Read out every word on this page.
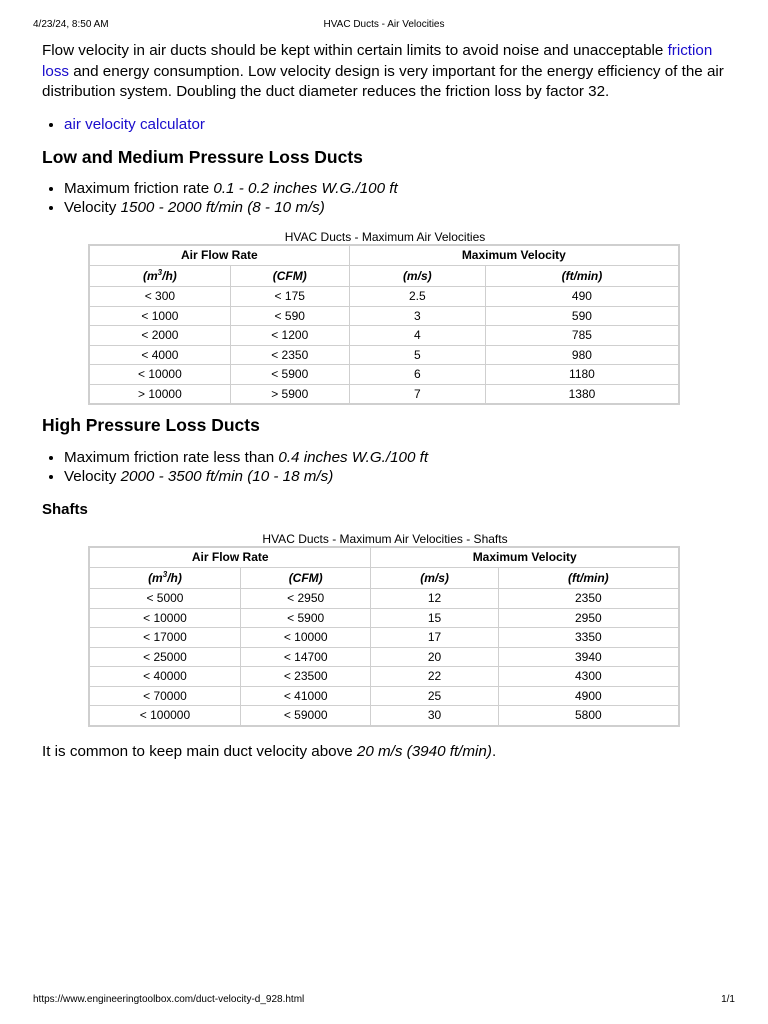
4/23/24, 8:50 AM	HVAC Ducts - Air Velocities

Flow velocity in air ducts should be kept within certain limits to avoid noise and unacceptable friction loss and energy consumption. Low velocity design is very important for the energy efficiency of the air distribution system. Doubling the duct diameter reduces the friction loss by factor 32.

• air velocity calculator
Low and Medium Pressure Loss Ducts
• Maximum friction rate 0.1 - 0.2 inches W.G./100 ft
• Velocity 1500 - 2000 ft/min (8 - 10 m/s)
HVAC Ducts - Maximum Air Velocities
Air Flow Rate		Maximum Velocity	
$(m^3/h)$	(CFM)	(m/s)	(ft/min)
< 300	< 175	2.5	490
< 1000	< 590	3	590
< 2000	< 1200	4	785
< 4000	< 2350	5	980
< 10000	< 5900	6	1180
> 10000	> 5900	7	1380
High Pressure Loss Ducts
• Maximum friction rate less than 0.4 inches W.G./100 ft
• Velocity 2000 - 3500 ft/min (10 - 18 m/s)
Shafts
HVAC Ducts - Maximum Air Velocities - Shafts
Air Flow Rate		Maximum Velocity	
$(m^3/h)$	(CFM)	(m/s)	(ft/min)
< 5000	< 2950	12	2350
< 10000	< 5900	15	2950
< 17000	< 10000	17	3350
< 25000	< 14700	20	3940
< 40000	< 23500	22	4300
< 70000	< 41000	25	4900
< 100000	< 59000	30	5800

It is common to keep main duct velocity above 20 m/s (3940 ft/min).

https://www.engineeringtoolbox.com/duct-velocity-d_928.html	1/1
